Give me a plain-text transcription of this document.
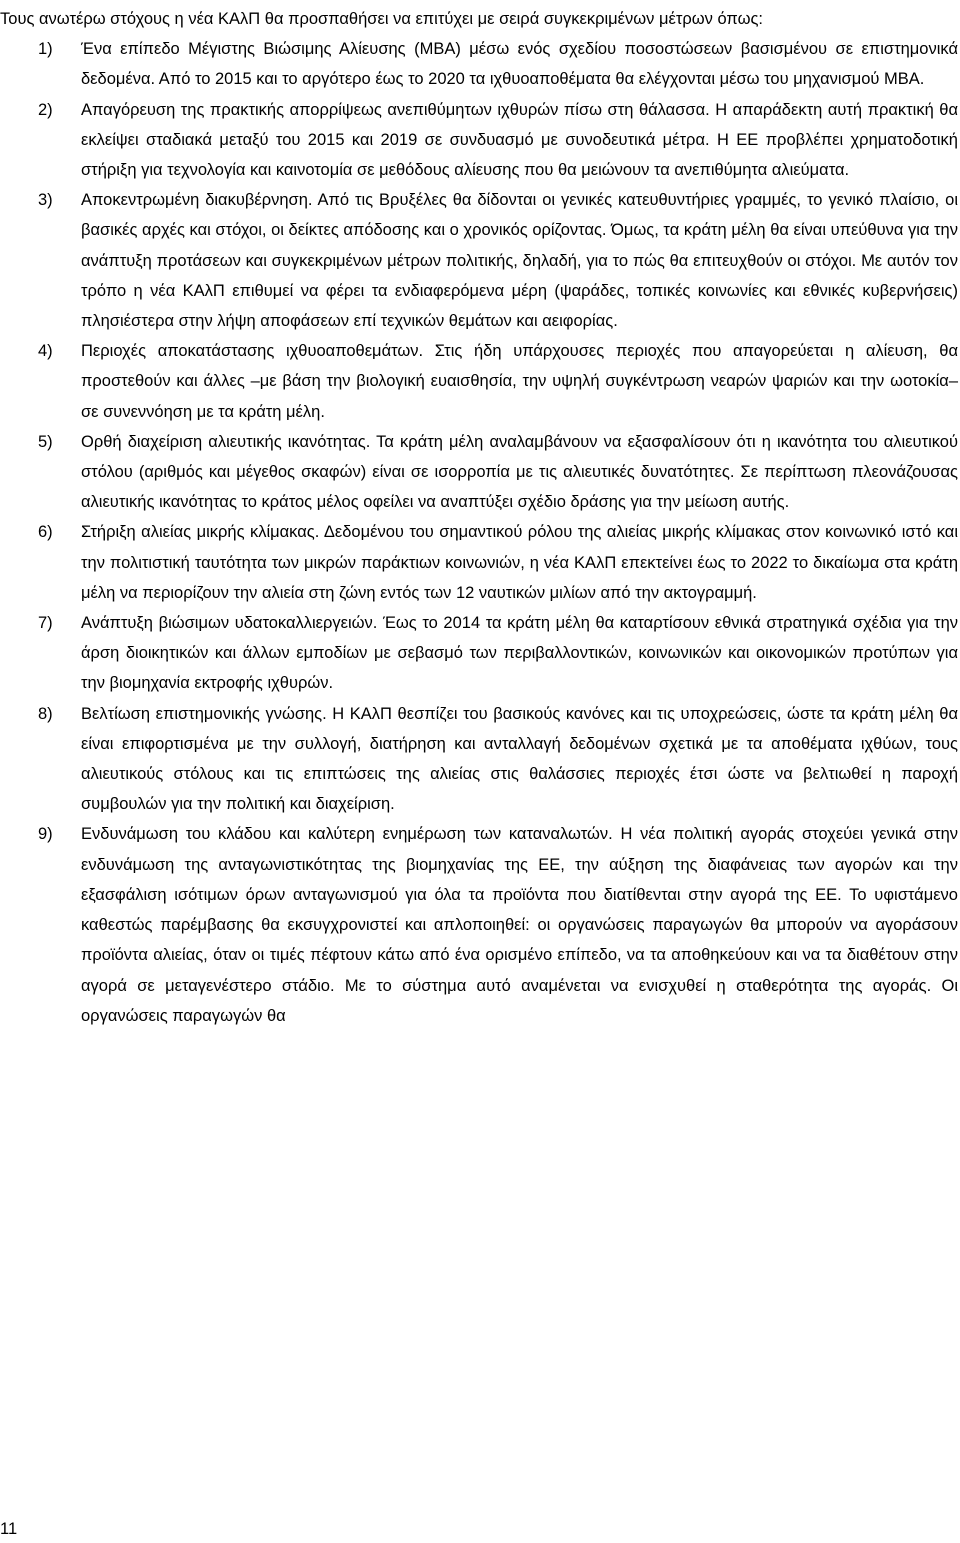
Τους ανωτέρω στόχους η νέα ΚΑλΠ θα προσπαθήσει να επιτύχει με σειρά συγκεκριμένων μέτρων όπως:

1) Ένα επίπεδο Μέγιστης Βιώσιμης Αλίευσης (ΜΒΑ) μέσω ενός σχεδίου ποσοστώσεων βασισμένου σε επιστημονικά δεδομένα. Από το 2015 και το αργότερο έως το 2020 τα ιχθυοαποθέματα θα ελέγχονται μέσω του μηχανισμού ΜΒΑ.
2) Απαγόρευση της πρακτικής απορρίψεως ανεπιθύμητων ιχθυρών πίσω στη θάλασσα. Η απαράδεκτη αυτή πρακτική θα εκλείψει σταδιακά μεταξύ του 2015 και 2019 σε συνδυασμό με συνοδευτικά μέτρα. Η ΕΕ προβλέπει χρηματοδοτική στήριξη για τεχνολογία και καινοτομία σε μεθόδους αλίευσης που θα μειώνουν τα ανεπιθύμητα αλιεύματα.
3) Αποκεντρωμένη διακυβέρνηση. Από τις Βρυξέλες θα δίδονται οι γενικές κατευθυντήριες γραμμές, το γενικό πλαίσιο, οι βασικές αρχές και στόχοι, οι δείκτες απόδοσης και ο χρονικός ορίζοντας. Όμως, τα κράτη μέλη θα είναι υπεύθυνα για την ανάπτυξη προτάσεων και συγκεκριμένων μέτρων πολιτικής, δηλαδή, για το πώς θα επιτευχθούν οι στόχοι. Με αυτόν τον τρόπο η νέα ΚΑλΠ επιθυμεί να φέρει τα ενδιαφερόμενα μέρη (ψαράδες, τοπικές κοινωνίες και εθνικές κυβερνήσεις) πλησιέστερα στην λήψη αποφάσεων επί τεχνικών θεμάτων και αειφορίας.
4) Περιοχές αποκατάστασης ιχθυοαποθεμάτων. Στις ήδη υπάρχουσες περιοχές που απαγορεύεται η αλίευση, θα προστεθούν και άλλες –με βάση την βιολογική ευαισθησία, την υψηλή συγκέντρωση νεαρών ψαριών και την ωοτοκία– σε συνεννόηση με τα κράτη μέλη.
5) Ορθή διαχείριση αλιευτικής ικανότητας. Τα κράτη μέλη αναλαμβάνουν να εξασφαλίσουν ότι η ικανότητα του αλιευτικού στόλου (αριθμός και μέγεθος σκαφών) είναι σε ισορροπία με τις αλιευτικές δυνατότητες. Σε περίπτωση πλεονάζουσας αλιευτικής ικανότητας το κράτος μέλος οφείλει να αναπτύξει σχέδιο δράσης για την μείωση αυτής.
6) Στήριξη αλιείας μικρής κλίμακας. Δεδομένου του σημαντικού ρόλου της αλιείας μικρής κλίμακας στον κοινωνικό ιστό και την πολιτιστική ταυτότητα των μικρών παράκτιων κοινωνιών, η νέα ΚΑλΠ επεκτείνει έως το 2022 το δικαίωμα στα κράτη μέλη να περιορίζουν την αλιεία στη ζώνη εντός των 12 ναυτικών μιλίων από την ακτογραμμή.
7) Ανάπτυξη βιώσιμων υδατοκαλλιεργειών. Έως το 2014 τα κράτη μέλη θα καταρτίσουν εθνικά στρατηγικά σχέδια για την άρση διοικητικών και άλλων εμποδίων με σεβασμό των περιβαλλοντικών, κοινωνικών και οικονομικών προτύπων για την βιομηχανία εκτροφής ιχθυρών.
8) Βελτίωση επιστημονικής γνώσης. Η ΚΑλΠ θεσπίζει του βασικούς κανόνες και τις υποχρεώσεις, ώστε τα κράτη μέλη θα είναι επιφορτισμένα με την συλλογή, διατήρηση και ανταλλαγή δεδομένων σχετικά με τα αποθέματα ιχθύων, τους αλιευτικούς στόλους και τις επιπτώσεις της αλιείας στις θαλάσσιες περιοχές έτσι ώστε να βελτιωθεί η παροχή συμβουλών για την πολιτική και διαχείριση.
9) Ενδυνάμωση του κλάδου και καλύτερη ενημέρωση των καταναλωτών. Η νέα πολιτική αγοράς στοχεύει γενικά στην ενδυνάμωση της ανταγωνιστικότητας της βιομηχανίας της ΕΕ, την αύξηση της διαφάνειας των αγορών και την εξασφάλιση ισότιμων όρων ανταγωνισμού για όλα τα προϊόντα που διατίθενται στην αγορά της ΕΕ. Το υφιστάμενο καθεστώς παρέμβασης θα εκσυγχρονιστεί και απλοποιηθεί: οι οργανώσεις παραγωγών θα μπορούν να αγοράσουν προϊόντα αλιείας, όταν οι τιμές πέφτουν κάτω από ένα ορισμένο επίπεδο, να τα αποθηκεύουν και να τα διαθέτουν στην αγορά σε μεταγενέστερο στάδιο. Με το σύστημα αυτό αναμένεται να ενισχυθεί η σταθερότητα της αγοράς. Οι οργανώσεις παραγωγών θα
11
